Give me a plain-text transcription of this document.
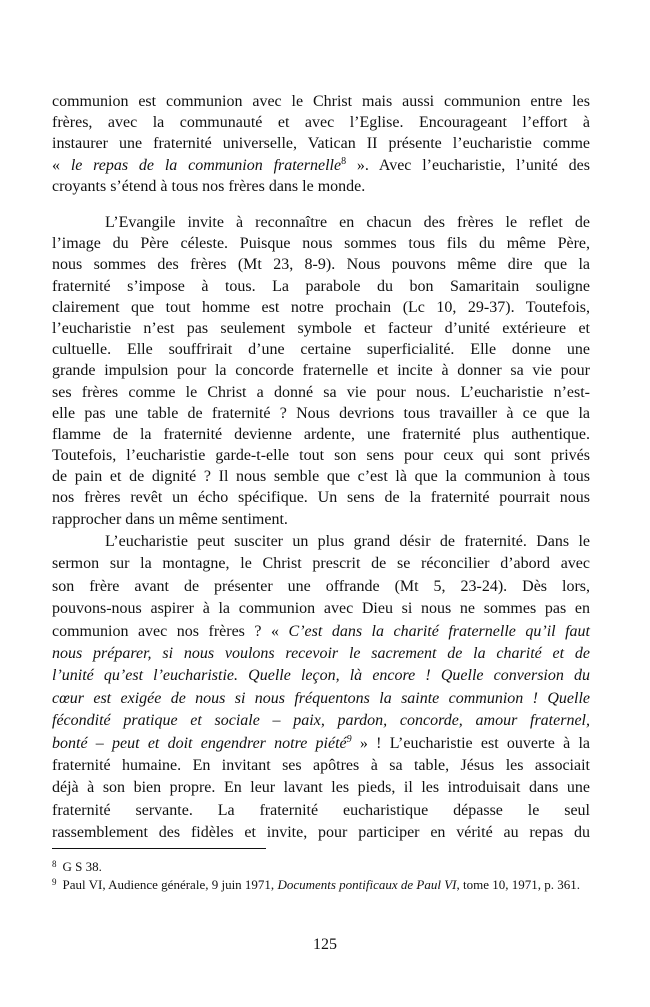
communion est communion avec le Christ mais aussi communion entre les
frères, avec la communauté et avec l’Eglise. Encourageant l’effort à
instaurer une fraternité universelle, Vatican II présente l’eucharistie comme
« le repas de la communion fraternelle$^8$ ». Avec l’eucharistie, l’unité des
croyants s’étend à tous nos frères dans le monde.
L’Evangile invite à reconnaître en chacun des frères le reflet de
l’image du Père céleste. Puisque nous sommes tous fils du même Père,
nous sommes des frères (Mt 23, 8-9). Nous pouvons même dire que la
fraternité s’impose à tous. La parabole du bon Samaritain souligne
clairement que tout homme est notre prochain (Lc 10, 29-37). Toutefois,
l’eucharistie n’est pas seulement symbole et facteur d’unité extérieure et
cultuelle. Elle souffrirait d’une certaine superficialité. Elle donne une
grande impulsion pour la concorde fraternelle et incite à donner sa vie pour
ses frères comme le Christ a donné sa vie pour nous. L’eucharistie n’est-
elle pas une table de fraternité ? Nous devrions tous travailler à ce que la
flamme de la fraternité devienne ardente, une fraternité plus authentique.
Toutefois, l’eucharistie garde-t-elle tout son sens pour ceux qui sont privés
de pain et de dignité ? Il nous semble que c’est là que la communion à tous
nos frères revêt un écho spécifique. Un sens de la fraternité pourrait nous
rapprocher dans un même sentiment.
L’eucharistie peut susciter un plus grand désir de fraternité. Dans le
sermon sur la montagne, le Christ prescrit de se réconcilier d’abord avec
son frère avant de présenter une offrande (Mt 5, 23-24). Dès lors,
pouvons-nous aspirer à la communion avec Dieu si nous ne sommes pas en
communion avec nos frères ? « C’est dans la charité fraternelle qu’il faut
nous préparer, si nous voulons recevoir le sacrement de la charité et de
l’unité qu’est l’eucharistie. Quelle leçon, là encore ! Quelle conversion du
cœur est exigée de nous si nous fréquentons la sainte communion ! Quelle
fécondité pratique et sociale – paix, pardon, concorde, amour fraternel,
bonté – peut et doit engendrer notre piété$^9$ » ! L’eucharistie est ouverte à la
fraternité humaine. En invitant ses apôtres à sa table, Jésus les associait
déjà à son bien propre. En leur lavant les pieds, il les introduisait dans une
fraternité servante. La fraternité eucharistique dépasse le seul
rassemblement des fidèles et invite, pour participer en vérité au repas du
$^8$ G S 38.
$^9$ Paul VI, Audience générale, 9 juin 1971, Documents pontificaux de Paul VI, tome 10, 1971, p. 361.
125
